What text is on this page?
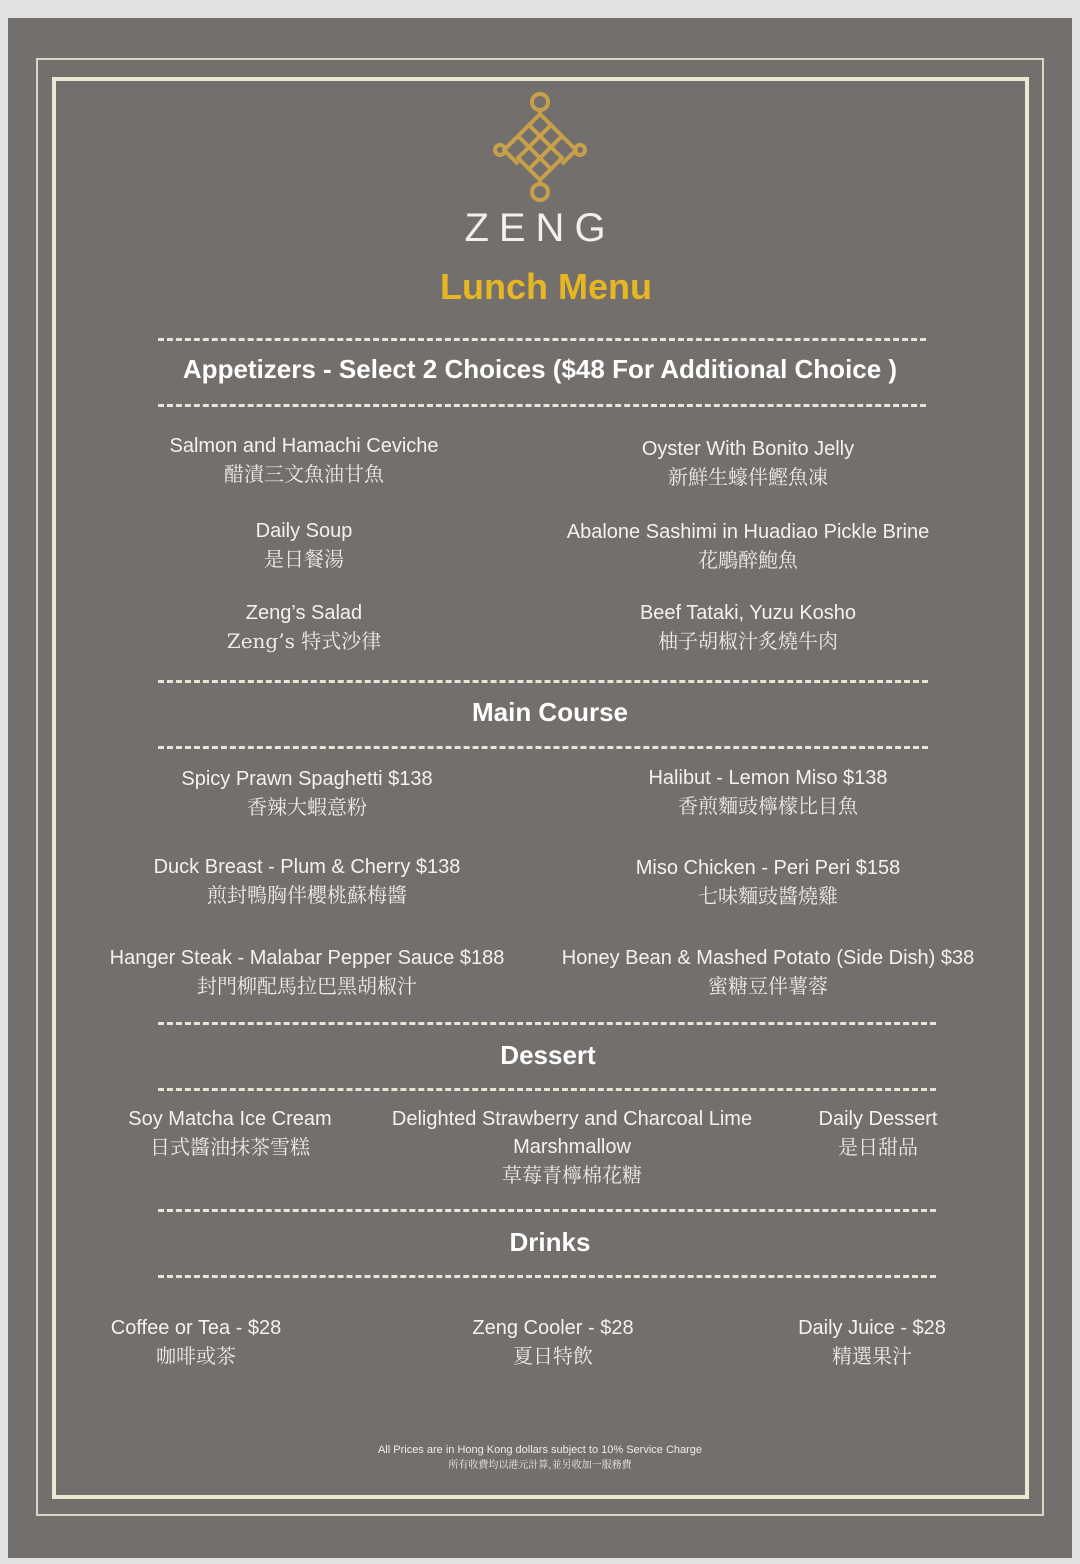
ZENG
Lunch Menu
Appetizers - Select 2 Choices ($48 For Additional Choice )
Salmon and Hamachi Ceviche
醋漬三文魚油甘魚
Oyster With Bonito Jelly
新鮮生蠔伴鰹魚凍
Daily Soup
是日餐湯
Abalone Sashimi in Huadiao Pickle Brine
花鵰醉鮑魚
Zeng’s Salad
Zeng’s 特式沙律
Beef Tataki, Yuzu Kosho
柚子胡椒汁炙燒牛肉
Main Course
Spicy Prawn Spaghetti $138
香辣大蝦意粉
Halibut - Lemon Miso $138
香煎麵豉檸檬比目魚
Duck Breast - Plum & Cherry $138
煎封鴨胸伴櫻桃蘇梅醬
Miso Chicken - Peri Peri $158
七味麵豉醬燒雞
Hanger Steak - Malabar Pepper Sauce $188
封門柳配馬拉巴黑胡椒汁
Honey Bean & Mashed Potato (Side Dish) $38
蜜糖豆伴薯蓉
Dessert
Soy Matcha Ice Cream
日式醬油抹茶雪糕
Delighted Strawberry and Charcoal Lime
Marshmallow
草莓青檸棉花糖
Daily Dessert
是日甜品
Drinks
Coffee or Tea - $28
咖啡或茶
Zeng Cooler - $28
夏日特飲
Daily Juice - $28
精選果汁
All Prices are in Hong Kong dollars subject to 10% Service Charge
所有收費均以港元計算,並另收加一服務費
